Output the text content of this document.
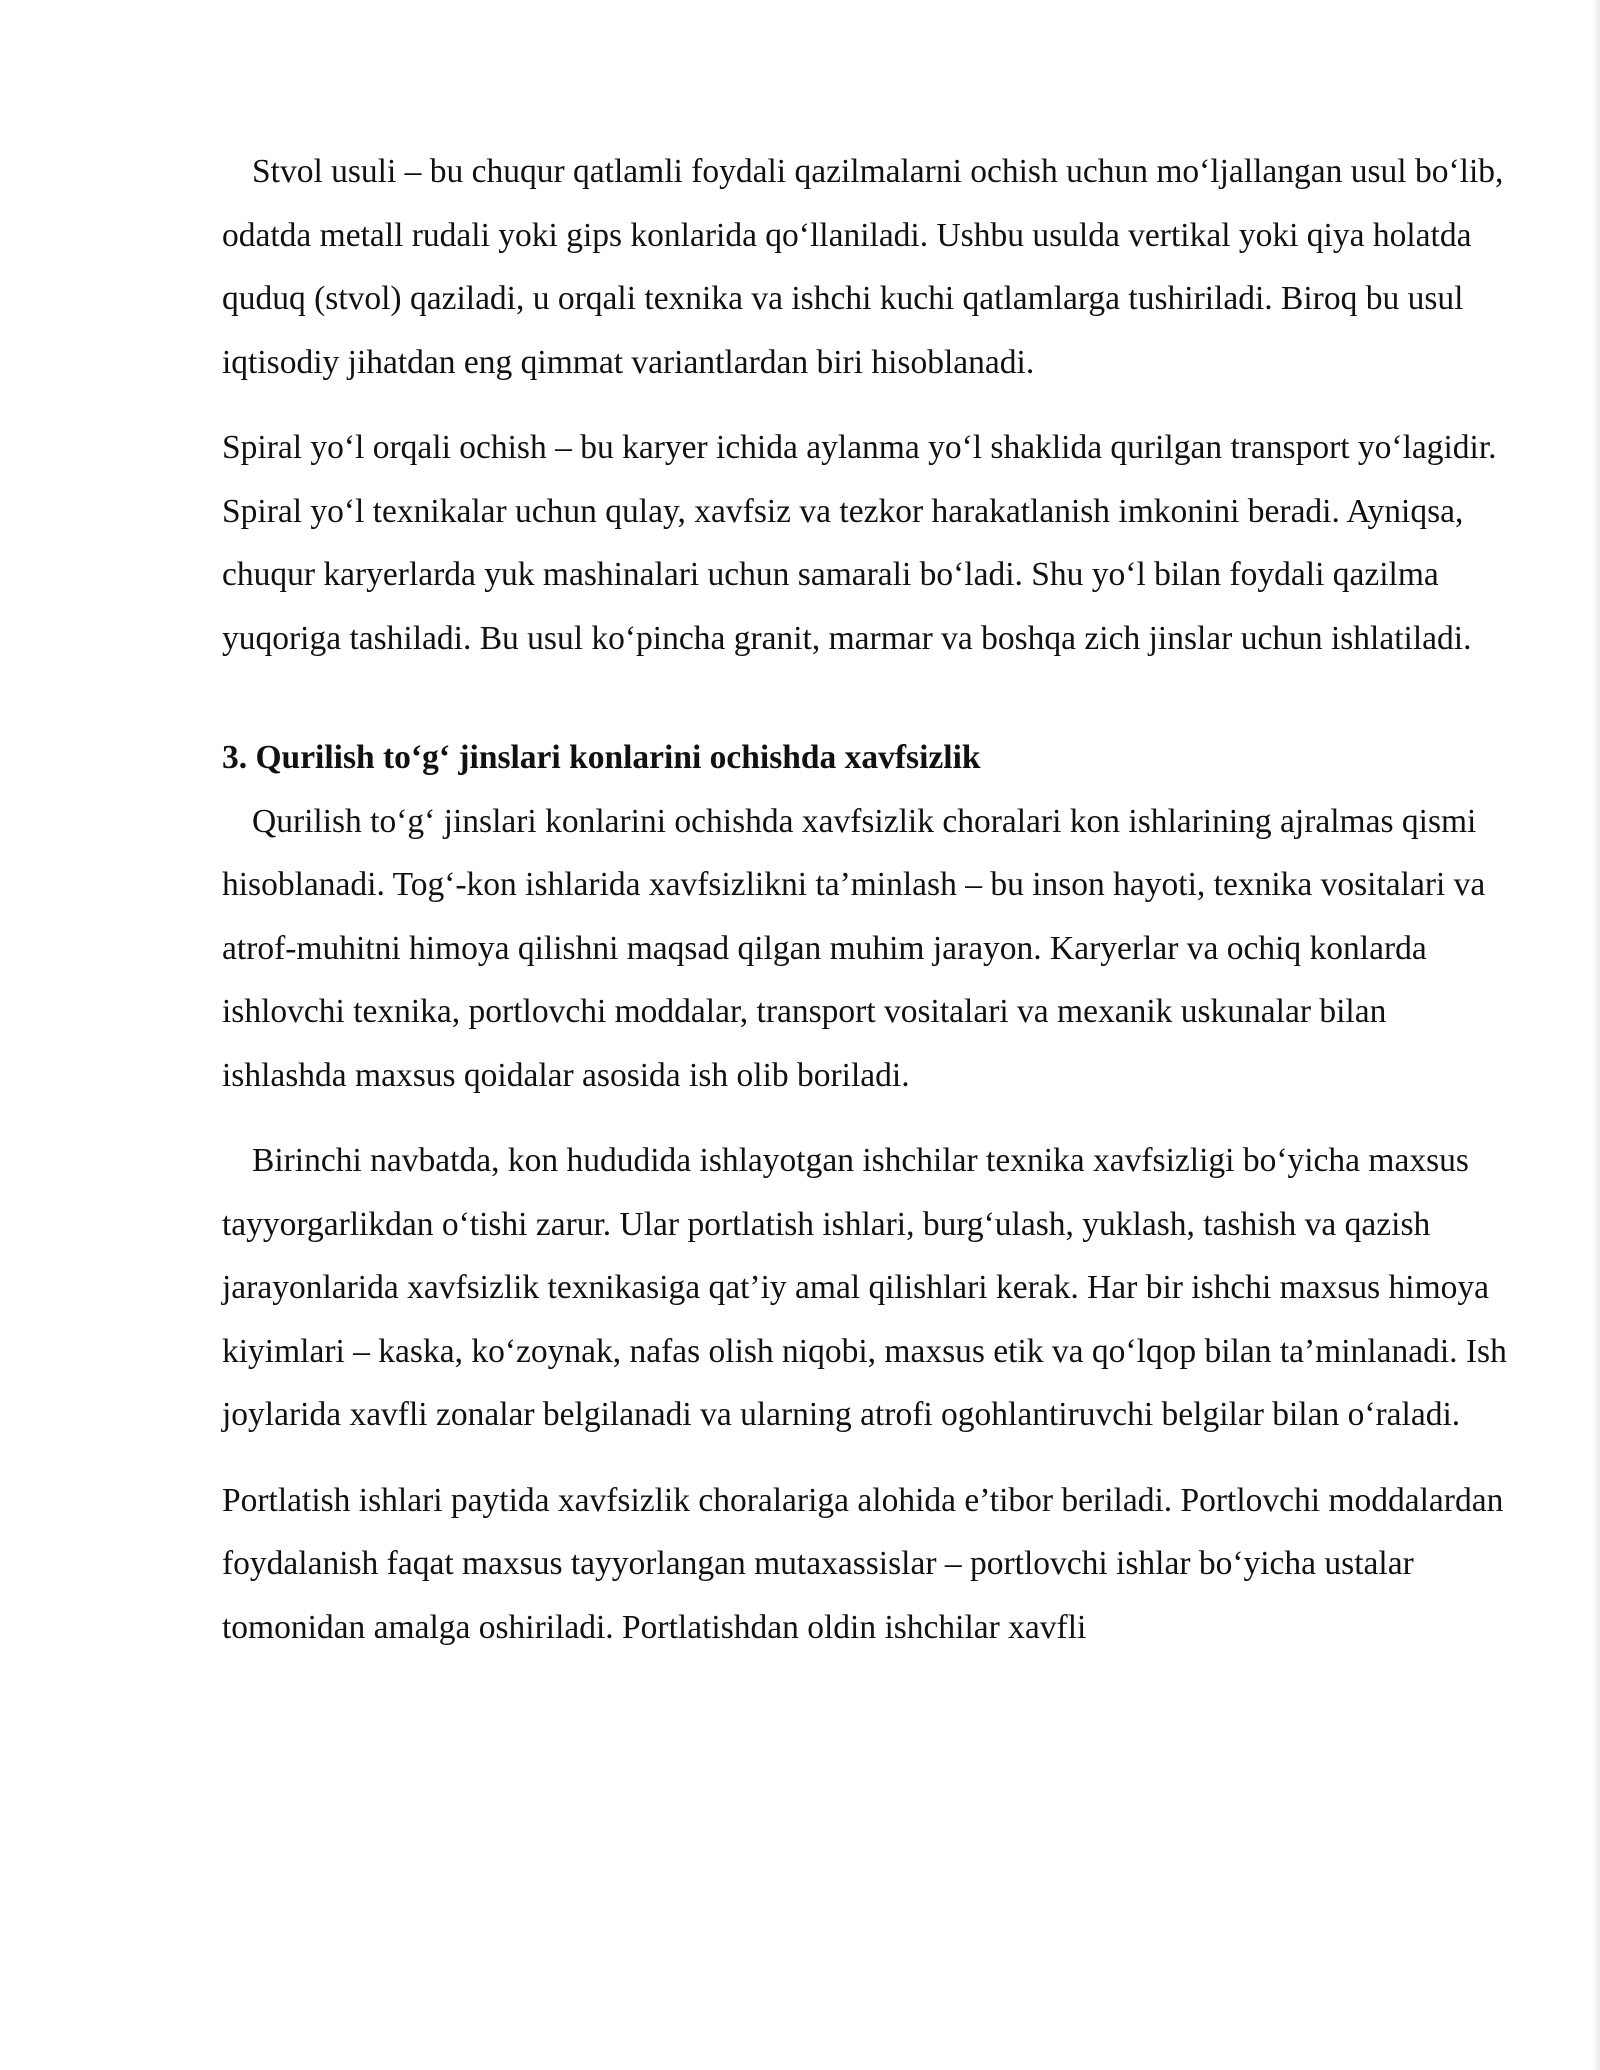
Stvol usuli – bu chuqur qatlamli foydali qazilmalarni ochish uchun mo‘ljallangan usul bo‘lib, odatda metall rudali yoki gips konlarida qo‘llaniladi. Ushbu usulda vertikal yoki qiya holatda quduq (stvol) qaziladi, u orqali texnika va ishchi kuchi qatlamlarga tushiriladi. Biroq bu usul iqtisodiy jihatdan eng qimmat variantlardan biri hisoblanadi.

Spiral yo‘l orqali ochish – bu karyer ichida aylanma yo‘l shaklida qurilgan transport yo‘lagidir. Spiral yo‘l texnikalar uchun qulay, xavfsiz va tezkor harakatlanish imkonini beradi. Ayniqsa, chuqur karyerlarda yuk mashinalari uchun samarali bo‘ladi. Shu yo‘l bilan foydali qazilma yuqoriga tashiladi. Bu usul ko‘pincha granit, marmar va boshqa zich jinslar uchun ishlatiladi.

3. Qurilish to‘g‘ jinslari konlarini ochishda xavfsizlik

Qurilish to‘g‘ jinslari konlarini ochishda xavfsizlik choralari kon ishlarining ajralmas qismi hisoblanadi. Tog‘-kon ishlarida xavfsizlikni ta’minlash – bu inson hayoti, texnika vositalari va atrof-muhitni himoya qilishni maqsad qilgan muhim jarayon. Karyerlar va ochiq konlarda ishlovchi texnika, portlovchi moddalar, transport vositalari va mexanik uskunalar bilan ishlashda maxsus qoidalar asosida ish olib boriladi.

Birinchi navbatda, kon hududida ishlayotgan ishchilar texnika xavfsizligi bo‘yicha maxsus tayyorgarlikdan o‘tishi zarur. Ular portlatish ishlari, burg‘ulash, yuklash, tashish va qazish jarayonlarida xavfsizlik texnikasiga qat’iy amal qilishlari kerak. Har bir ishchi maxsus himoya kiyimlari – kaska, ko‘zoynak, nafas olish niqobi, maxsus etik va qo‘lqop bilan ta’minlanadi. Ish joylarida xavfli zonalar belgilanadi va ularning atrofi ogohlantiruvchi belgilar bilan o‘raladi.

Portlatish ishlari paytida xavfsizlik choralariga alohida e’tibor beriladi. Portlovchi moddalardan foydalanish faqat maxsus tayyorlangan mutaxassislar – portlovchi ishlar bo‘yicha ustalar tomonidan amalga oshiriladi. Portlatishdan oldin ishchilar xavfli
